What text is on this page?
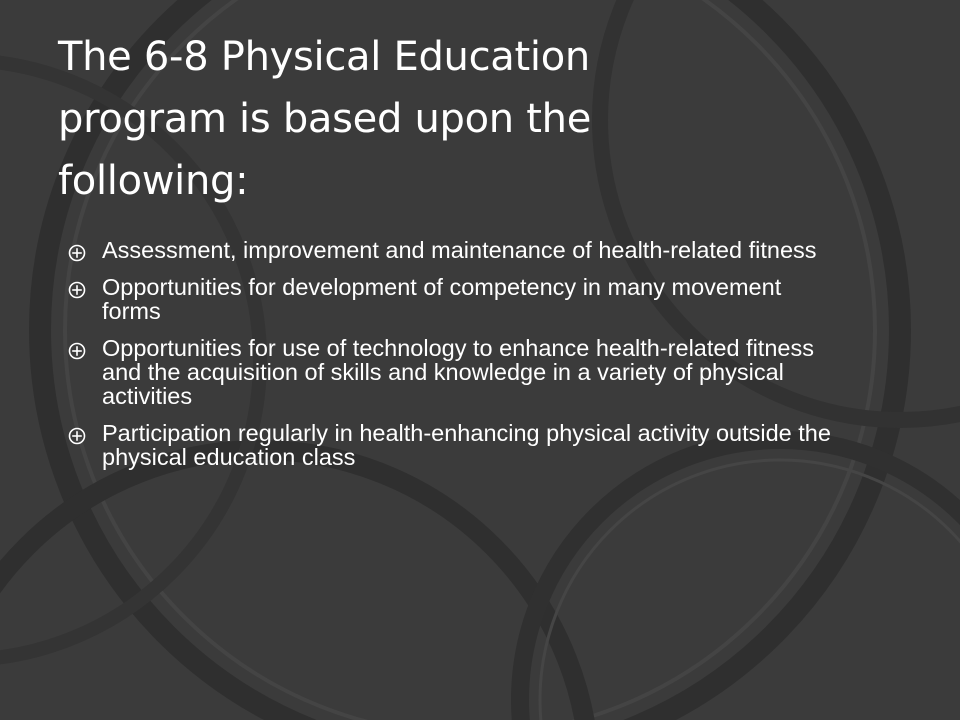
The 6-8 Physical Education program is based upon the following:
Assessment, improvement and maintenance of health-related fitness
Opportunities for development of competency in many movement forms
Opportunities for use of technology to enhance health-related fitness and the acquisition of skills and knowledge in a variety of physical activities
Participation regularly in health-enhancing physical activity outside the physical education class
